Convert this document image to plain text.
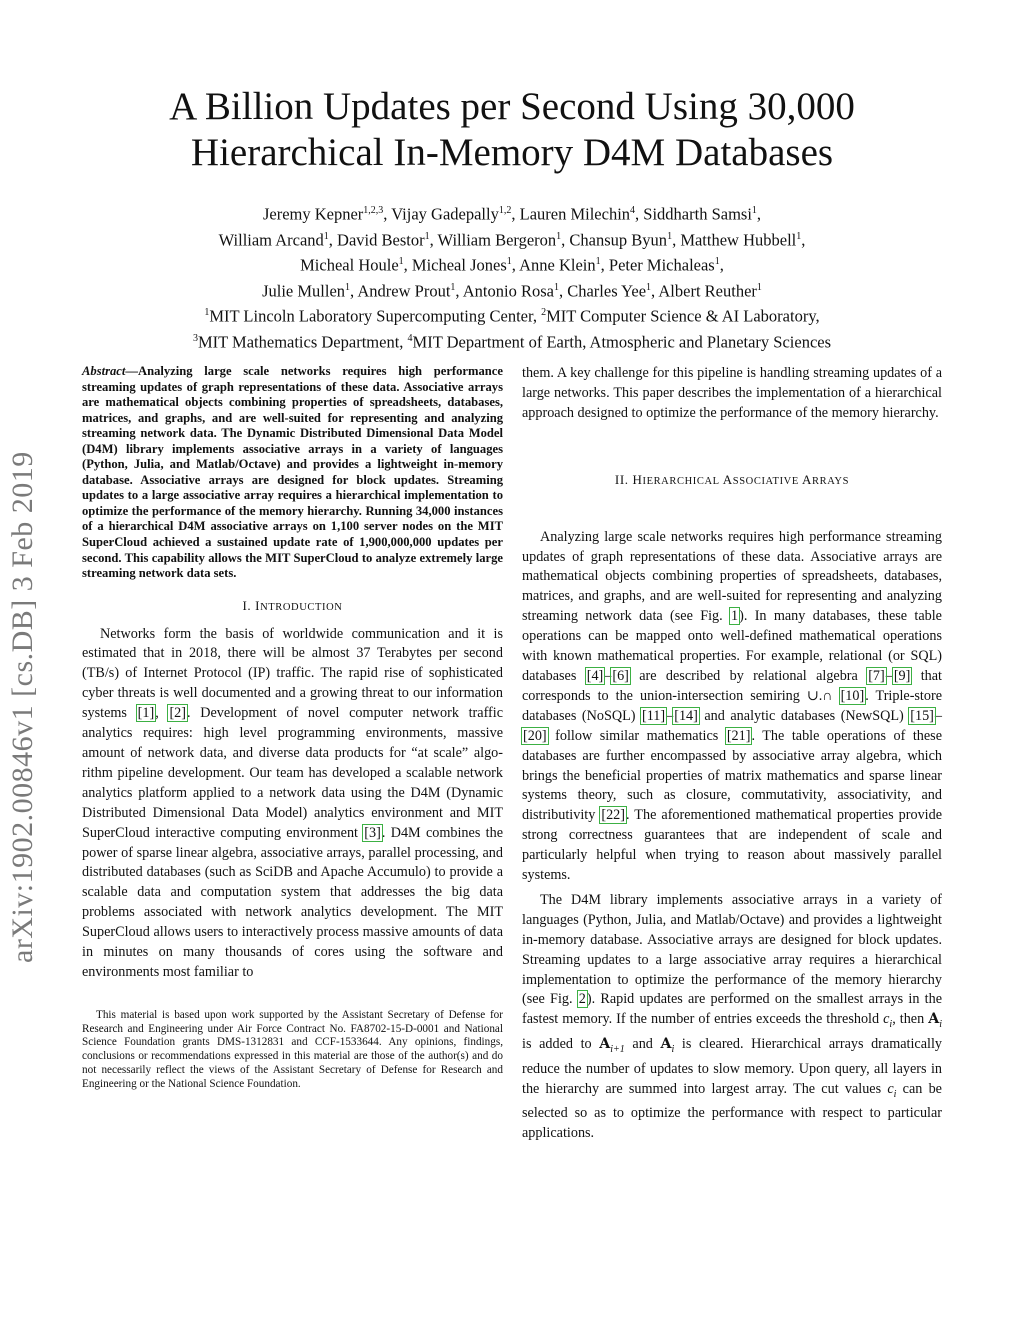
A Billion Updates per Second Using 30,000
Hierarchical In-Memory D4M Databases
Jeremy Kepner$^{1,2,3}$, Vijay Gadepally$^{1,2}$, Lauren Milechin$^4$, Siddharth Samsi$^1$,
William Arcand$^1$, David Bestor$^1$, William Bergeron$^1$, Chansup Byun$^1$, Matthew Hubbell$^1$,
Micheal Houle$^1$, Micheal Jones$^1$, Anne Klein$^1$, Peter Michaleas$^1$,
Julie Mullen$^1$, Andrew Prout$^1$, Antonio Rosa$^1$, Charles Yee$^1$, Albert Reuther$^1$
$^1$MIT Lincoln Laboratory Supercomputing Center, $^2$MIT Computer Science & AI Laboratory,
$^3$MIT Mathematics Department, $^4$MIT Department of Earth, Atmospheric and Planetary Sciences
arXiv:1902.00846v1 [cs.DB] 3 Feb 2019

Abstract—Analyzing large scale networks requires high performance streaming updates of graph representations of these data. Associative arrays are mathematical objects combining properties of spreadsheets, databases, matrices, and graphs, and are well-suited for representing and analyzing streaming network data. The Dynamic Distributed Dimensional Data Model (D4M) library implements associative arrays in a variety of languages (Python, Julia, and Matlab/Octave) and provides a lightweight in-memory database. Associative arrays are designed for block updates. Streaming updates to a large associative array requires a hierarchical implementation to optimize the performance of the memory hierarchy. Running 34,000 instances of a hierarchical D4M associative arrays on 1,100 server nodes on the MIT SuperCloud achieved a sustained update rate of 1,900,000,000 updates per second. This capability allows the MIT SuperCloud to analyze extremely large streaming network data sets.

I. INTRODUCTION

Networks form the basis of worldwide communication and it is estimated that in 2018, there will be almost 37 Terabytes per second (TB/s) of Internet Protocol (IP) traffic. The rapid rise of sophisticated cyber threats is well documented and a growing threat to our information systems [1], [2]. Development of novel computer network traffic analytics requires: high level programming environments, massive amount of network data, and diverse data products for “at scale” algorithm pipeline development. Our team has developed a scalable network analytics platform applied to a network data using the D4M (Dynamic Distributed Dimensional Data Model) analytics environment and MIT SuperCloud interactive computing environment [3]. D4M combines the power of sparse linear algebra, associative arrays, parallel processing, and distributed databases (such as SciDB and Apache Accumulo) to provide a scalable data and computation system that addresses the big data problems associated with network analytics development. The MIT SuperCloud allows users to interactively process massive amounts of data in minutes on many thousands of cores using the software and environments most familiar to

This material is based upon work supported by the Assistant Secretary of Defense for Research and Engineering under Air Force Contract No. FA8702-15-D-0001 and National Science Foundation grants DMS-1312831 and CCF-1533644. Any opinions, findings, conclusions or recommendations expressed in this material are those of the author(s) and do not necessarily reflect the views of the Assistant Secretary of Defense for Research and Engineering or the National Science Foundation.

them. A key challenge for this pipeline is handling streaming updates of a large networks. This paper describes the implementation of a hierarchical approach designed to optimize the performance of the memory hierarchy.

II. HIERARCHICAL ASSOCIATIVE ARRAYS

Analyzing large scale networks requires high performance streaming updates of graph representations of these data. Associative arrays are mathematical objects combining properties of spreadsheets, databases, matrices, and graphs, and are well-suited for representing and analyzing streaming network data (see Fig. 1). In many databases, these table operations can be mapped onto well-defined mathematical operations with known mathematical properties. For example, relational (or SQL) databases [4]–[6] are described by relational algebra [7]–[9] that corresponds to the union-intersection semiring ∪.∩ [10]. Triple-store databases (NoSQL) [11]–[14] and analytic databases (NewSQL) [15]–[20] follow similar mathematics [21]. The table operations of these databases are further encompassed by associative array algebra, which brings the beneficial properties of matrix mathematics and sparse linear systems theory, such as closure, commutativity, associativity, and distributivity [22]. The aforementioned mathematical properties provide strong correctness guarantees that are independent of scale and particularly helpful when trying to reason about massively parallel systems.

The D4M library implements associative arrays in a variety of languages (Python, Julia, and Matlab/Octave) and provides a lightweight in-memory database. Associative arrays are designed for block updates. Streaming updates to a large associative array requires a hierarchical implementation to optimize the performance of the memory hierarchy (see Fig. 2). Rapid updates are performed on the smallest arrays in the fastest memory. If the number of entries exceeds the threshold $c_i$, then $A_i$ is added to $A_{i+1}$ and $A_i$ is cleared. Hierarchical arrays dramatically reduce the number of updates to slow memory. Upon query, all layers in the hierarchy are summed into largest array. The cut values $c_i$ can be selected so as to optimize the performance with respect to particular applications.
